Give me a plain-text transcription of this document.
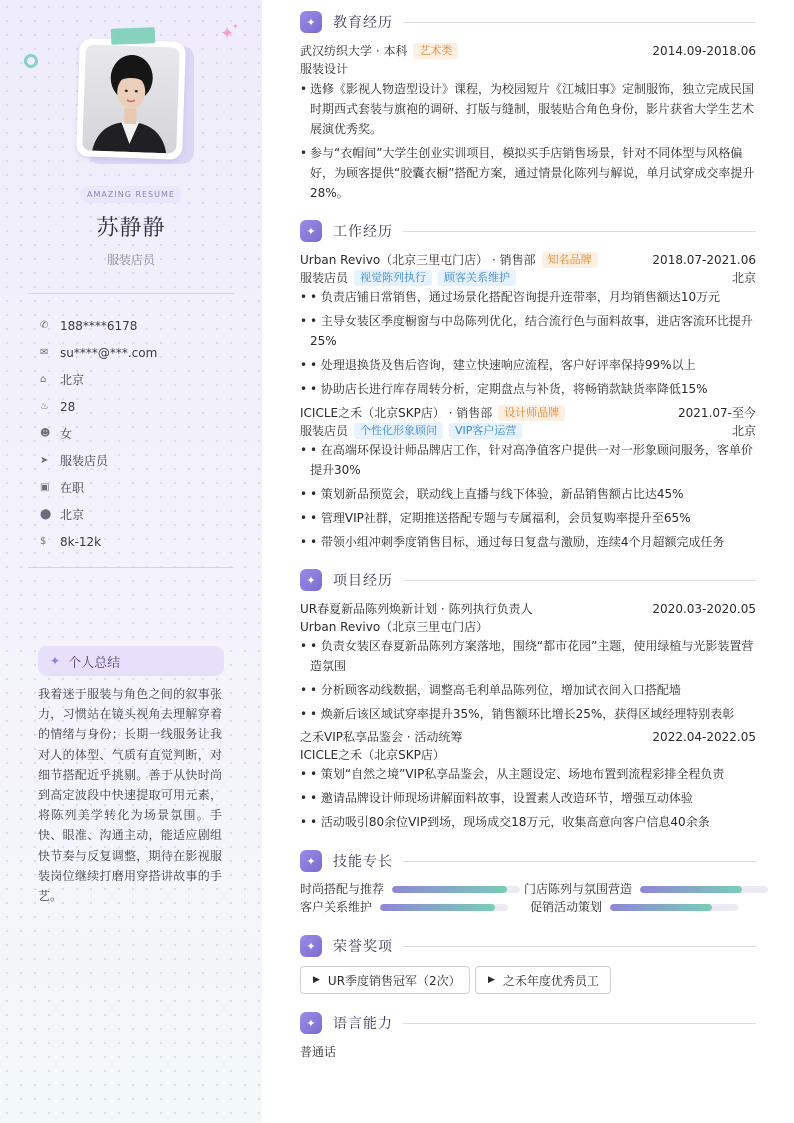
✦
✦
AMAZING RESUME
苏静静
服装店员
✆ 188****6178
✉ su****@***.com
⌂	北京
♨ 28
☻ 女
➤ 服装店员
▣ 在职
⬤ 北京
$	8k-12k
✦ 个人总结
我着迷于服装与角色之间的叙事张力，习惯站在镜头视角去理解穿着的情绪与身份；长期一线服务让我对人的体型、气质有直觉判断，对细节搭配近乎挑剔。善于从快时尚到高定波段中快速提取可用元素，将陈列美学转化为场景氛围。手快、眼准、沟通主动，能适应剧组快节奏与反复调整，期待在影视服装岗位继续打磨用穿搭讲故事的手艺。
✦	教育经历
武汉纺织大学 · 本科	艺术类	2014.09-2018.06
服装设计
• 选修《影视人物造型设计》课程，为校园短片《江城旧事》定制服饰，独立完成民国
时期西式套装与旗袍的调研、打版与缝制，服装贴合角色身份，影片获省大学生艺术
展演优秀奖。
• 参与“衣帽间”大学生创业实训项目，模拟买手店销售场景，针对不同体型与风格偏
好，为顾客提供“胶囊衣橱”搭配方案，通过情景化陈列与解说，单月试穿成交率提升
28%。
✦	工作经历
Urban Revivo（北京三里屯门店） · 销售部	知名品牌	2018.07-2021.06
服装店员	视觉陈列执行	顾客关系维护	北京
• • 负责店铺日常销售，通过场景化搭配咨询提升连带率，月均销售额达10万元
• • 主导女装区季度橱窗与中岛陈列优化，结合流行色与面料故事，进店客流环比提升
25%
• • 处理退换货及售后咨询，建立快速响应流程，客户好评率保持99%以上
• • 协助店长进行库存周转分析，定期盘点与补货，将畅销款缺货率降低15%
ICICLE之禾（北京SKP店） · 销售部	设计师品牌	2021.07-至今
服装店员	个性化形象顾问	VIP客户运营	北京
• • 在高端环保设计师品牌店工作，针对高净值客户提供一对一形象顾问服务，客单价
提升30%
• • 策划新品预览会，联动线上直播与线下体验，新品销售额占比达45%
• • 管理VIP社群，定期推送搭配专题与专属福利，会员复购率提升至65%
• • 带领小组冲刺季度销售目标，通过每日复盘与激励，连续4个月超额完成任务
✦	项目经历
UR春夏新品陈列焕新计划 · 陈列执行负责人	2020.03-2020.05
Urban Revivo（北京三里屯门店）
• • 负责女装区春夏新品陈列方案落地，围绕“都市花园”主题，使用绿植与光影装置营
造氛围
• • 分析顾客动线数据，调整高毛利单品陈列位，增加试衣间入口搭配墙
• • 焕新后该区域试穿率提升35%，销售额环比增长25%，获得区域经理特别表彰
之禾VIP私享品鉴会 · 活动统筹	2022.04-2022.05
ICICLE之禾（北京SKP店）
• • 策划“自然之境”VIP私享品鉴会，从主题设定、场地布置到流程彩排全程负责
• • 邀请品牌设计师现场讲解面料故事，设置素人改造环节，增强互动体验
• • 活动吸引80余位VIP到场，现场成交18万元，收集高意向客户信息40余条
✦	技能专长
时尚搭配与推荐	门店陈列与氛围营造
客户关系维护	促销活动策划
✦	荣誉奖项
▶ UR季度销售冠军（2次）	▶ 之禾年度优秀员工
✦	语言能力
普通话
